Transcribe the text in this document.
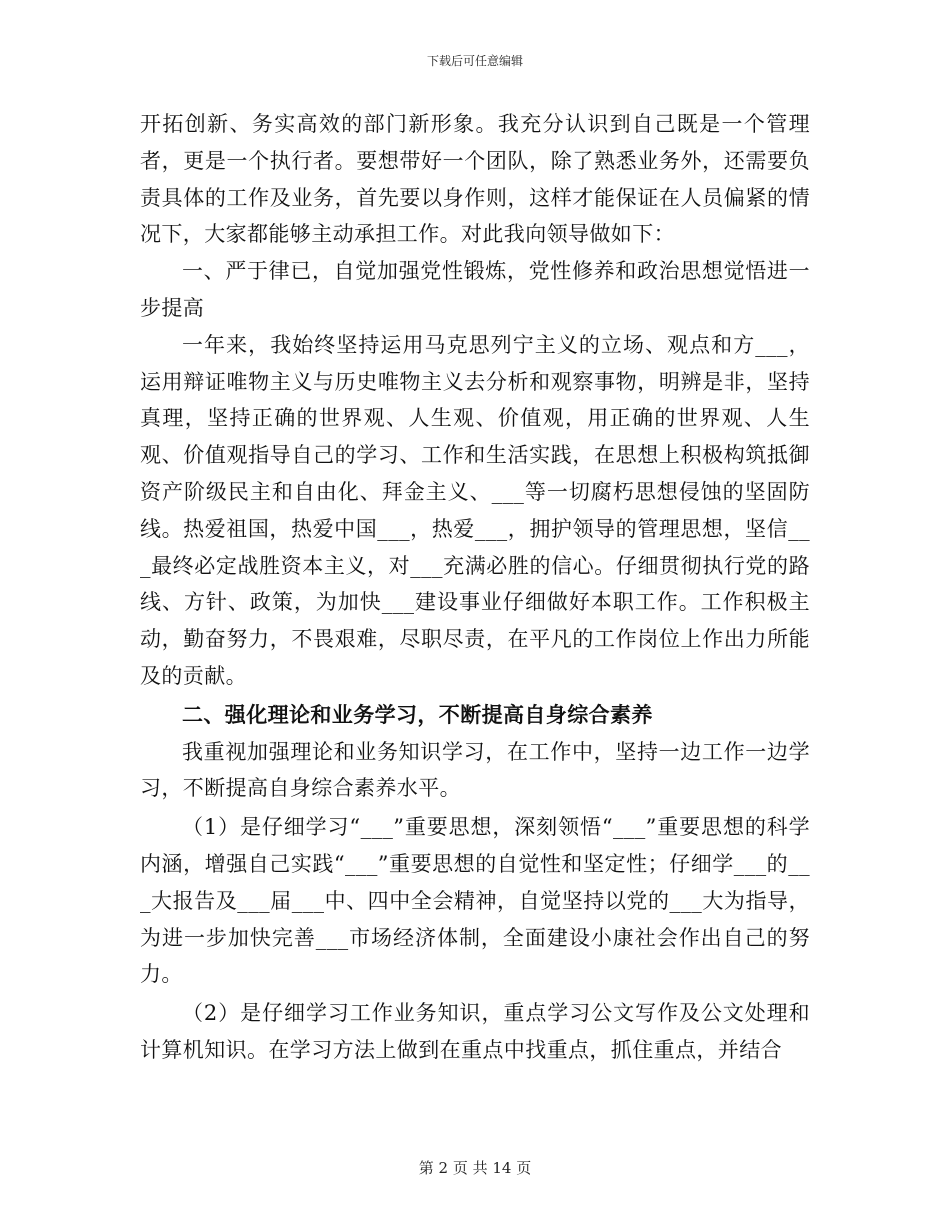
下载后可任意编辑

开拓创新、务实高效的部门新形象。我充分认识到自己既是一个管理者，更是一个执行者。要想带好一个团队，除了熟悉业务外，还需要负责具体的工作及业务，首先要以身作则，这样才能保证在人员偏紧的情况下，大家都能够主动承担工作。对此我向领导做如下：

一、严于律已，自觉加强党性锻炼，党性修养和政治思想觉悟进一步提高

一年来，我始终坚持运用马克思列宁主义的立场、观点和方___，运用辩证唯物主义与历史唯物主义去分析和观察事物，明辨是非，坚持真理，坚持正确的世界观、人生观、价值观，用正确的世界观、人生观、价值观指导自己的学习、工作和生活实践，在思想上积极构筑抵御资产阶级民主和自由化、拜金主义、___等一切腐朽思想侵蚀的坚固防线。热爱祖国，热爱中国___，热爱___，拥护领导的管理思想，坚信___最终必定战胜资本主义，对___充满必胜的信心。仔细贯彻执行党的路线、方针、政策，为加快___建设事业仔细做好本职工作。工作积极主动，勤奋努力，不畏艰难，尽职尽责，在平凡的工作岗位上作出力所能及的贡献。

二、强化理论和业务学习，不断提高自身综合素养

我重视加强理论和业务知识学习，在工作中，坚持一边工作一边学习，不断提高自身综合素养水平。

（1）是仔细学习“___”重要思想，深刻领悟“___”重要思想的科学内涵，增强自己实践“___”重要思想的自觉性和坚定性；仔细学___的___大报告及___届___中、四中全会精神，自觉坚持以党的___大为指导，为进一步加快完善___市场经济体制，全面建设小康社会作出自己的努力。

（2）是仔细学习工作业务知识，重点学习公文写作及公文处理和计算机知识。在学习方法上做到在重点中找重点，抓住重点，并结合

第 2 页 共 14 页
